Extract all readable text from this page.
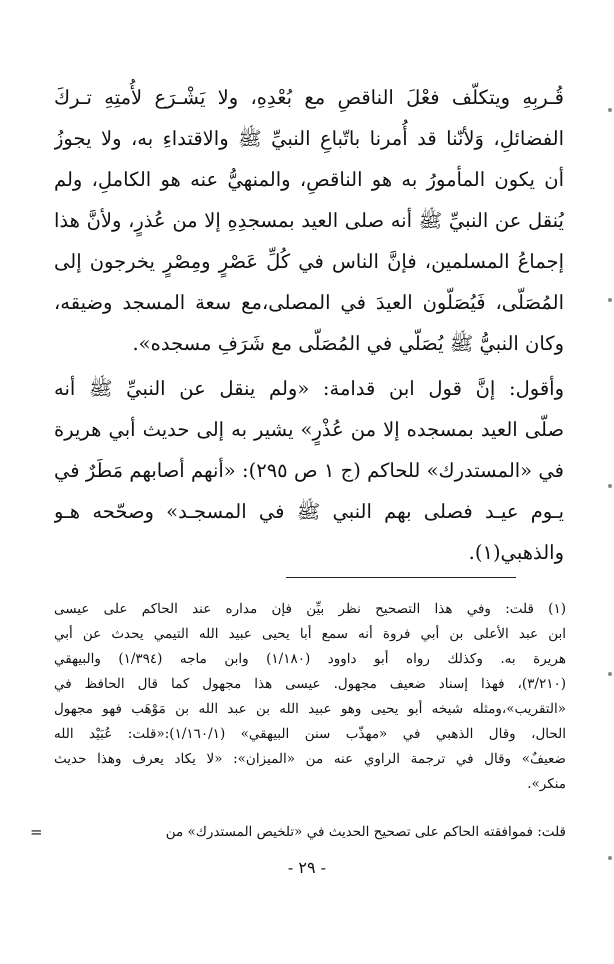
قُـربِهِ ويتكلّف فعْلَ الناقصِ مع بُعْدِهِ، ولا يَشْـرَع لأُمتِهِ تـركَ
الفضائلِ، وَلأنّنا قد أُمرنا باتّباعِ النبيِّ ﷺ والاقتداءِ به، ولا يجوزُ
أن يكون المأمورُ به هو الناقصِ، والمنهيُّ عنه هو الكاملِ، ولم
يُنقل عن النبيِّ ﷺ أنه صلى العيد بمسجدِهِ إلا من عُذرٍ، ولأنَّ هذا
إجماعُ المسلمين، فإنَّ الناس في كُلِّ عَصْرٍ ومِصْرٍ يخرجون إلى
المُصَلّى، فَيُصَلّون العيدَ في المصلى،مع سعة المسجد وضيقه،
وكان النبيُّ ﷺ يُصَلّي في المُصَلّى مع شَرَفِ مسجده».
وأقول: إنَّ قول ابن قدامة: «ولم ينقل عن النبيِّ ﷺ أنه
صلّى العيد بمسجده إلا من عُذْرٍ» يشير به إلى حديث أبي هريرة
في «المستدرك» للحاكم (ج ١ ص ٢٩٥): «أنهم أصابهم مَطَرٌ في
يـوم عيـد فصلى بهم النبي ﷺ في المسجـد» وصحّحه هـو
والذهبي(١).
(١) قلت: وفي هذا التصحيح نظر بيِّن فإن مداره عند الحاكم على عيسى
ابن عبد الأعلى بن أبي فروة أنه سمع أبا يحيى عبيد الله التيمي يحدث عن أبي
هريرة به. وكذلك رواه أبو داوود (١/١٨٠) وابن ماجه (١/٣٩٤) والبيهقي
(٣/٢١٠)، فهذا إسناد ضعيف مجهول. عيسى هذا مجهول كما قال الحافظ في
«التقريب»،ومثله شيخه أبو يحيى وهو عبيد الله بن عبد الله بن مَوْهَب فهو مجهول
الحال، وقال الذهبي في «مهذّب سنن البيهقي» (١/١٦٠/١):«قلت: عُبَيْد الله
ضعيفٌ» وقال في ترجمة الراوي عنه من «الميزان»: «لا يكاد يعرف وهذا حديث
منكر».
قلت: فموافقته الحاكم على تصحيح الحديث في «تلخيص المستدرك» من
=
- ٢٩ -
